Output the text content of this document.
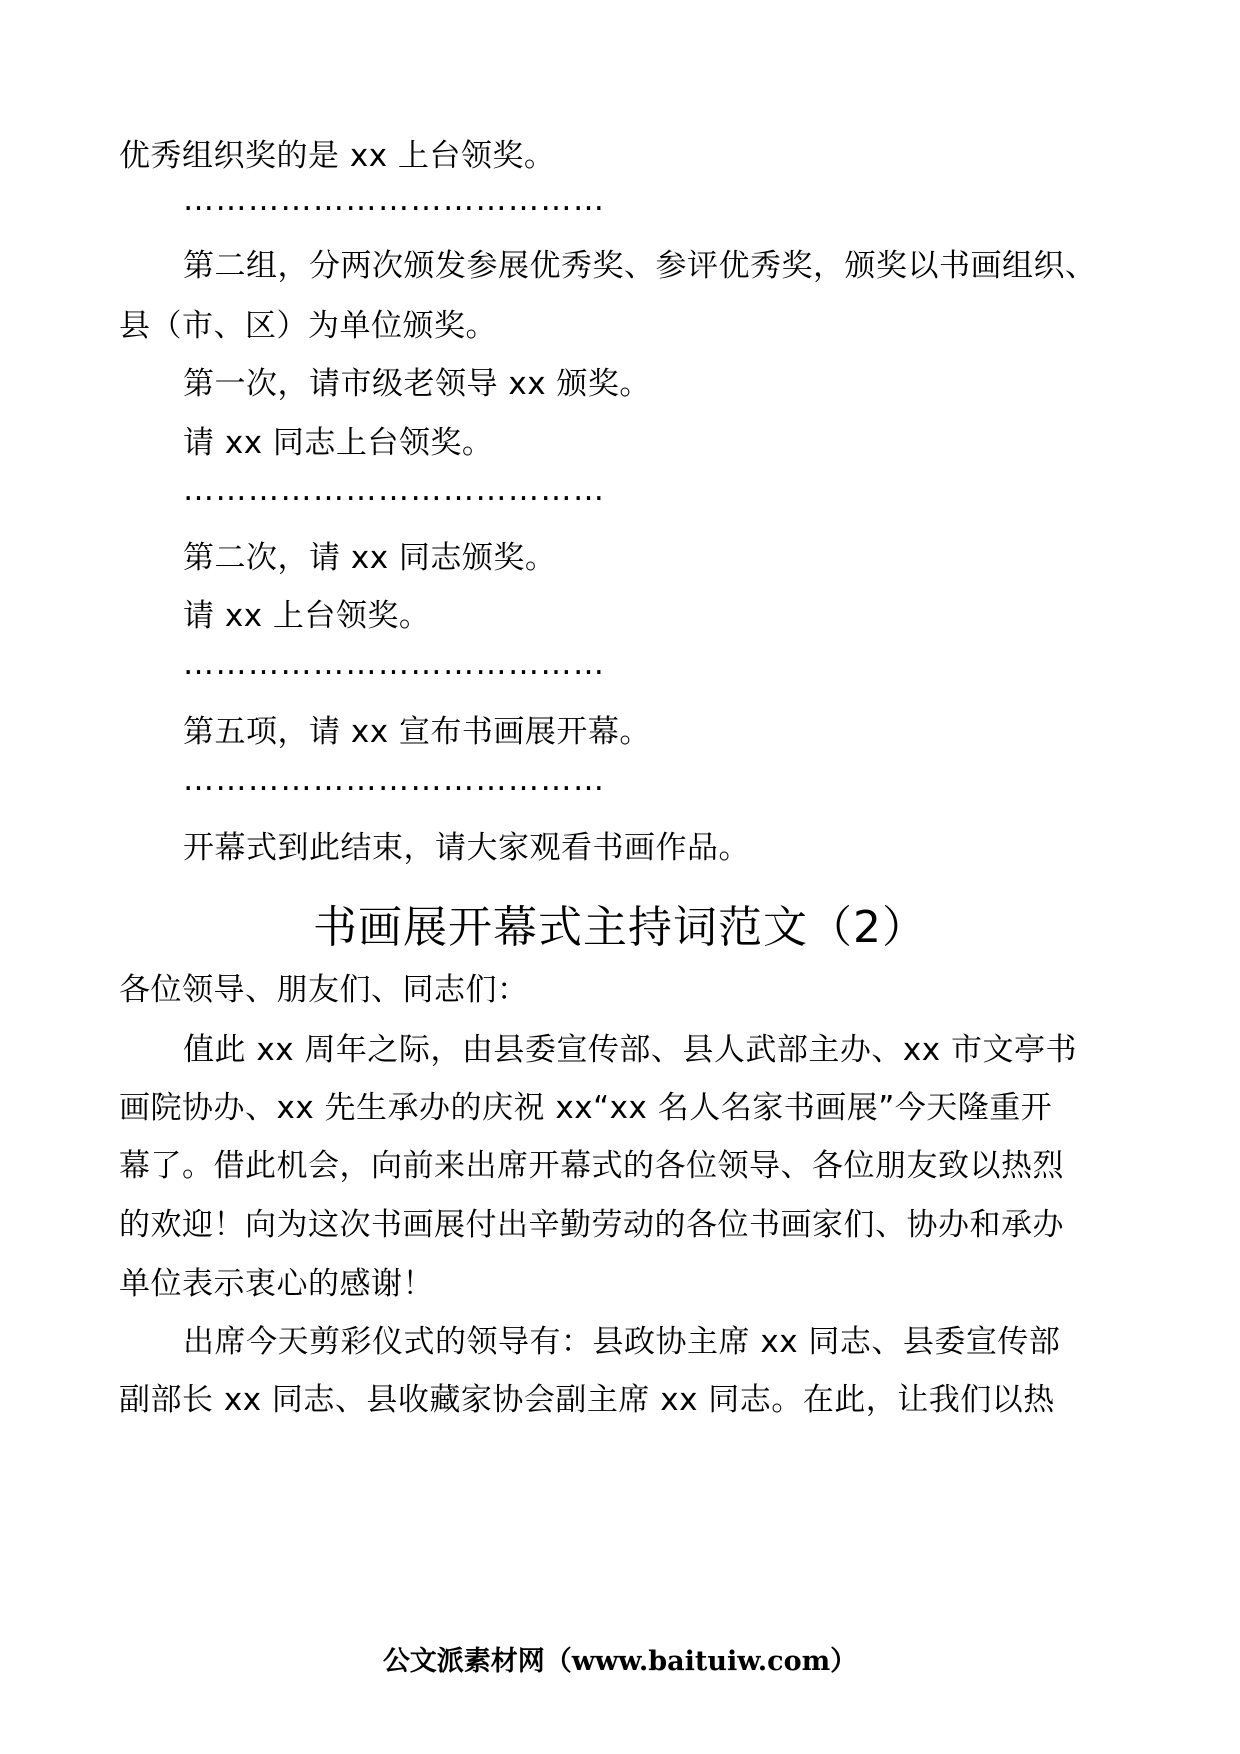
优秀组织奖的是 xx 上台领奖。
…………………………………
第二组，分两次颁发参展优秀奖、参评优秀奖，颁奖以书画组织、
县（市、区）为单位颁奖。
第一次，请市级老领导 xx 颁奖。
请 xx 同志上台领奖。
…………………………………
第二次，请 xx 同志颁奖。
请 xx 上台领奖。
…………………………………
第五项，请 xx 宣布书画展开幕。
…………………………………
开幕式到此结束，请大家观看书画作品。
书画展开幕式主持词范文（2）
各位领导、朋友们、同志们：
值此 xx 周年之际，由县委宣传部、县人武部主办、xx 市文亭书
画院协办、xx 先生承办的庆祝 xx“xx 名人名家书画展”今天隆重开
幕了。借此机会，向前来出席开幕式的各位领导、各位朋友致以热烈
的欢迎！向为这次书画展付出辛勤劳动的各位书画家们、协办和承办
单位表示衷心的感谢！
出席今天剪彩仪式的领导有：县政协主席 xx 同志、县委宣传部
副部长 xx 同志、县收藏家协会副主席 xx 同志。在此，让我们以热
公文派素材网（www.baituiw.com）
